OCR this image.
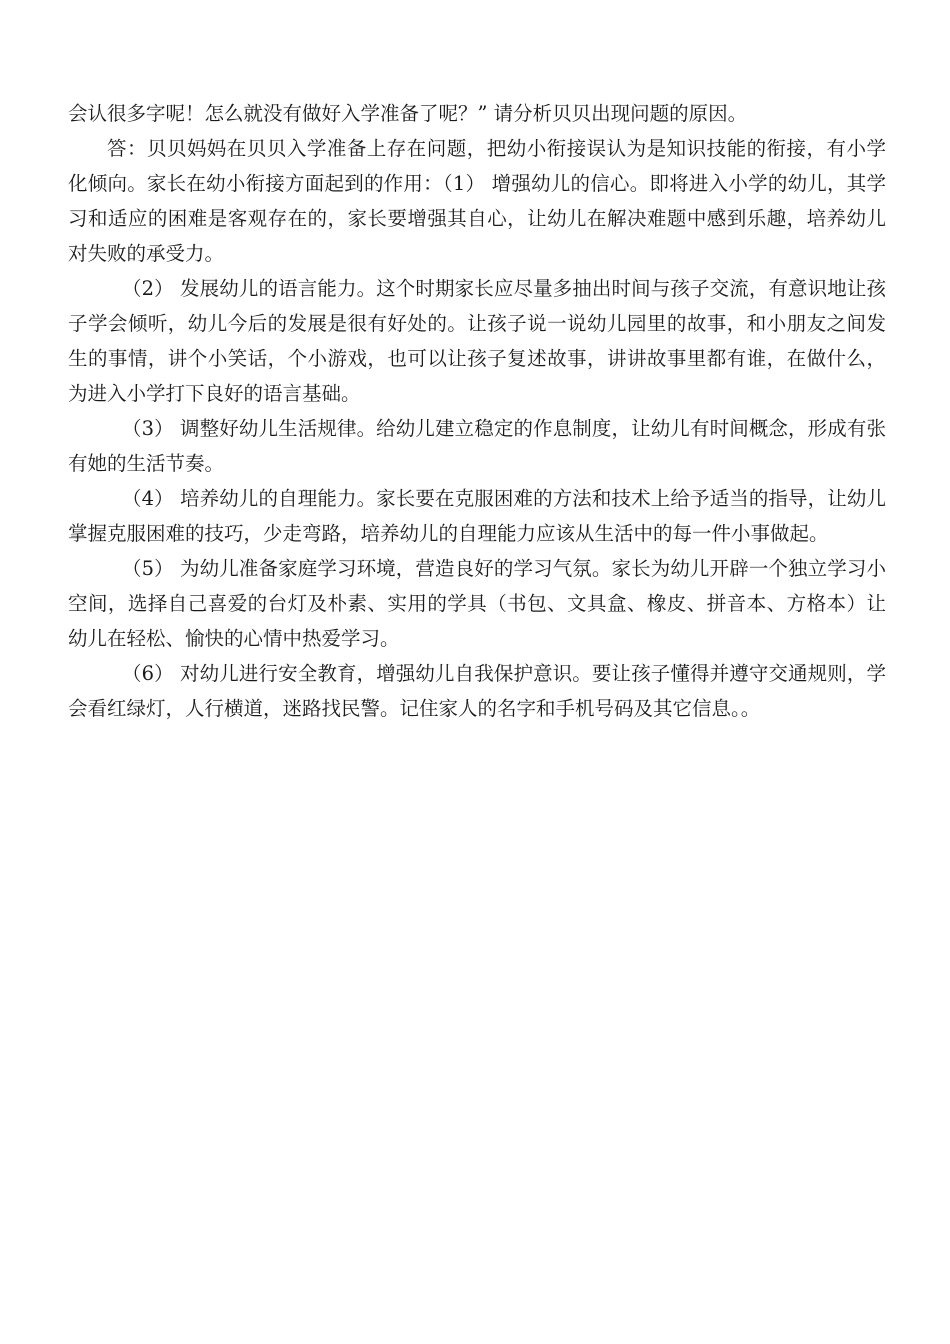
会认很多字呢！怎么就没有做好入学准备了呢？” 请分析贝贝出现问题的原因。

答：贝贝妈妈在贝贝入学准备上存在问题，把幼小衔接误认为是知识技能的衔接，有小学化倾向。家长在幼小衔接方面起到的作用：（1） 增强幼儿的信心。即将进入小学的幼儿，其学习和适应的困难是客观存在的，家长要增强其自心，让幼儿在解决难题中感到乐趣，培养幼儿对失败的承受力。

（2） 发展幼儿的语言能力。这个时期家长应尽量多抽出时间与孩子交流，有意识地让孩子学会倾听，幼儿今后的发展是很有好处的。让孩子说一说幼儿园里的故事，和小朋友之间发生的事情，讲个小笑话，个小游戏，也可以让孩子复述故事，讲讲故事里都有谁，在做什么，为进入小学打下良好的语言基础。

（3） 调整好幼儿生活规律。给幼儿建立稳定的作息制度，让幼儿有时间概念，形成有张有她的生活节奏。

（4） 培养幼儿的自理能力。家长要在克服困难的方法和技术上给予适当的指导，让幼儿掌握克服困难的技巧，少走弯路，培养幼儿的自理能力应该从生活中的每一件小事做起。

（5） 为幼儿准备家庭学习环境，营造良好的学习气氛。家长为幼儿开辟一个独立学习小空间，选择自己喜爱的台灯及朴素、实用的学具（书包、文具盒、橡皮、拼音本、方格本）让幼儿在轻松、愉快的心情中热爱学习。

（6） 对幼儿进行安全教育，增强幼儿自我保护意识。要让孩子懂得并遵守交通规则，学会看红绿灯，人行横道，迷路找民警。记住家人的名字和手机号码及其它信息。。
